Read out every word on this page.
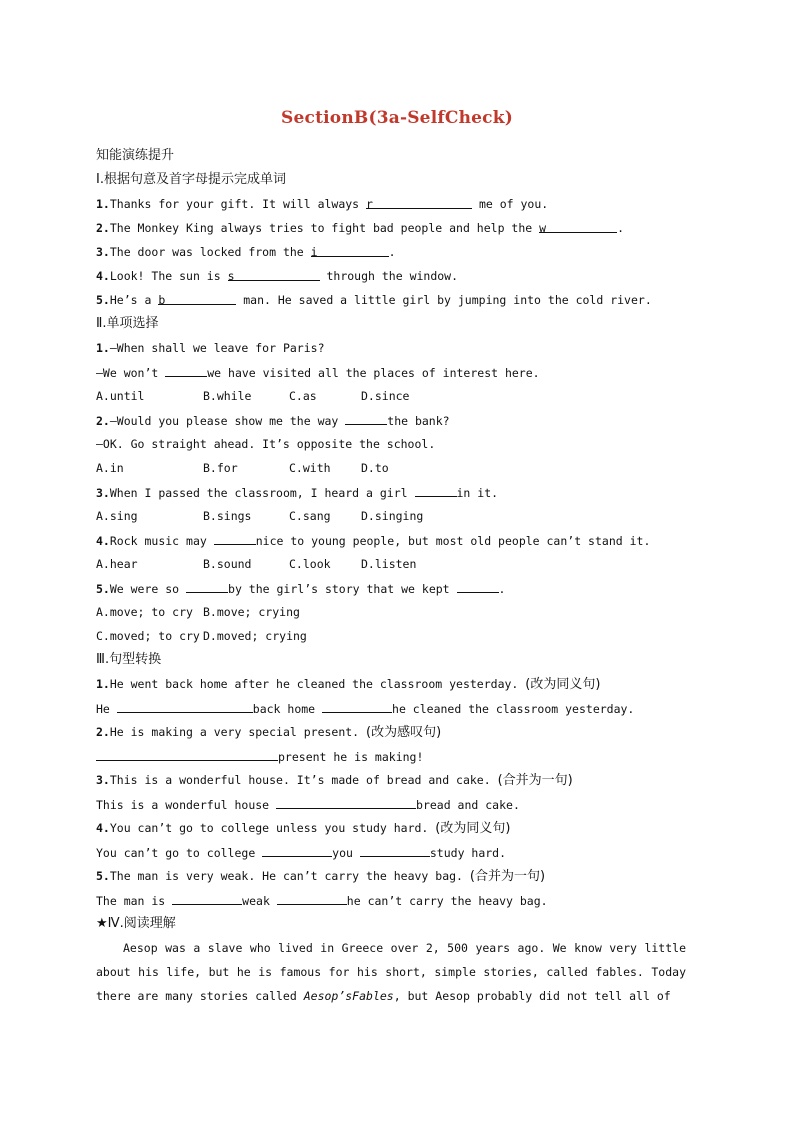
SectionB(3a-SelfCheck)
知能演练提升
Ⅰ.根据句意及首字母提示完成单词
1.Thanks for your gift. It will always r	me of you.
2.The Monkey King always tries to fight bad people and help the w	.
3.The door was locked from the i	.
4.Look! The sun is s	through the window.
5.He’s a b	man. He saved a little girl by jumping into the cold river.
Ⅱ.单项选择
1.—When shall we leave for Paris?
—We won’t	we have visited all the places of interest here.
A.until	B.while	C.as	D.since
2.—Would you please show me the way	the bank?
—OK. Go straight ahead. It’s opposite the school.
A.in	B.for	C.with	D.to
3.When I passed the classroom, I heard a girl	in it.
A.sing	B.sings	C.sang	D.singing
4.Rock music may	nice to young people, but most old people can’t stand it.
A.hear	B.sound	C.look	D.listen
5.We were so	by the girl’s story that we kept	.
A.move; to cry B.move; crying
C.moved; to cry D.moved; crying
Ⅲ.句型转换
1.He went back home after he cleaned the classroom yesterday. (改为同义句)
He	back home	he cleaned the classroom yesterday.
2.He is making a very special present. (改为感叹句)
present he is making!
3.This is a wonderful house. It’s made of bread and cake. (合并为一句)
This is a wonderful house	bread and cake.
4.You can’t go to college unless you study hard. (改为同义句)
You can’t go to college	you	study hard.
5.The man is very weak. He can’t carry the heavy bag. (合并为一句)
The man is	weak	he can’t carry the heavy bag.
★Ⅳ.阅读理解
Aesop was a slave who lived in Greece over 2, 500 years ago. We know very little about his life, but he is famous for his short, simple stories, called fables. Today there are many stories called Aesop’sFables, but Aesop probably did not tell all of
